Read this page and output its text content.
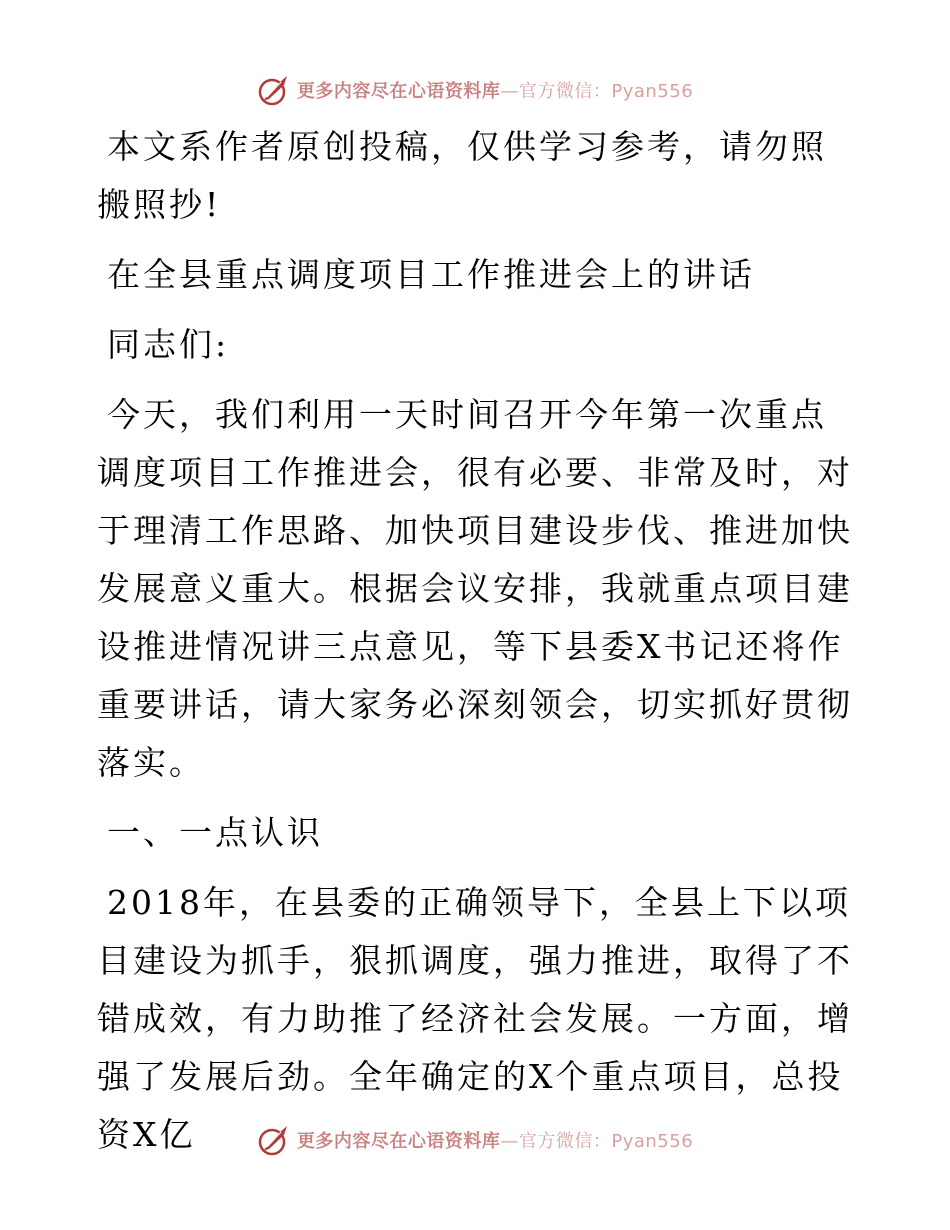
更多内容尽在心语资料库—官方微信：Pyan556

本文系作者原创投稿，仅供学习参考，请勿照搬照抄!

在全县重点调度项目工作推进会上的讲话

同志们:

今天，我们利用一天时间召开今年第一次重点调度项目工作推进会，很有必要、非常及时，对于理清工作思路、加快项目建设步伐、推进加快发展意义重大。根据会议安排，我就重点项目建设推进情况讲三点意见，等下县委X书记还将作重要讲话，请大家务必深刻领会，切实抓好贯彻落实。

一、一点认识

2018年，在县委的正确领导下，全县上下以项目建设为抓手，狠抓调度，强力推进，取得了不错成效，有力助推了经济社会发展。一方面，增强了发展后劲。全年确定的X个重点项目，总投资X亿	更多内容尽在心语资料库—官方微信：Pyan556
